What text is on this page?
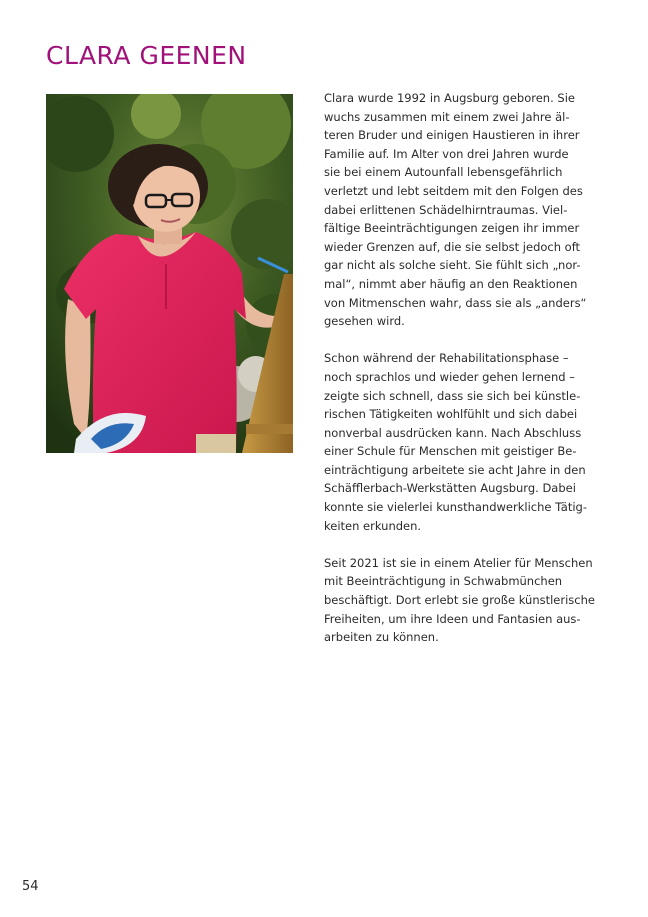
CLARA GEENEN

Clara wurde 1992 in Augsburg geboren. Sie
wuchs zusammen mit einem zwei Jahre äl-
teren Bruder und einigen Haustieren in ihrer
Familie auf. Im Alter von drei Jahren wurde
sie bei einem Autounfall lebensgefährlich
verletzt und lebt seitdem mit den Folgen des
dabei erlittenen Schädelhirntraumas. Viel-
fältige Beeinträchtigungen zeigen ihr immer
wieder Grenzen auf, die sie selbst jedoch oft
gar nicht als solche sieht. Sie fühlt sich „nor-
mal“, nimmt aber häufig an den Reaktionen
von Mitmenschen wahr, dass sie als „anders“
gesehen wird.

Schon während der Rehabilitationsphase –
noch sprachlos und wieder gehen lernend –
zeigte sich schnell, dass sie sich bei künstle-
rischen Tätigkeiten wohlfühlt und sich dabei
nonverbal ausdrücken kann. Nach Abschluss
einer Schule für Menschen mit geistiger Be-
einträchtigung arbeitete sie acht Jahre in den
Schäfflerbach-Werkstätten Augsburg. Dabei
konnte sie vielerlei kunsthandwerkliche Tätig-
keiten erkunden.

Seit 2021 ist sie in einem Atelier für Menschen
mit Beeinträchtigung in Schwabmünchen
beschäftigt. Dort erlebt sie große künstlerische
Freiheiten, um ihre Ideen und Fantasien aus-
arbeiten zu können.

54
